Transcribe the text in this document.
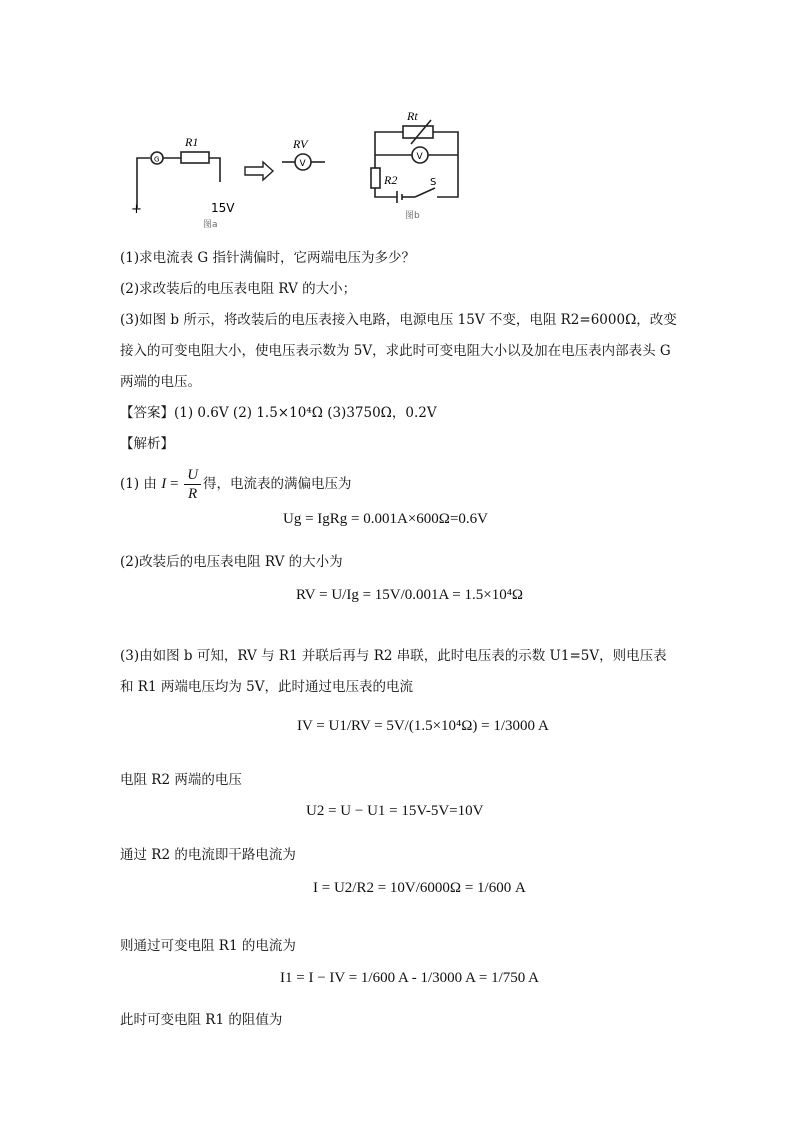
G
R1
+	15V
图a
V
RV
V
Rt
R2	S
图b
(1)求电流表 G 指针满偏时，它两端电压为多少？
(2)求改装后的电压表电阻 RV 的大小；
(3)如图 b 所示，将改装后的电压表接入电路，电源电压 15V 不变，电阻 R2=6000Ω，改变接入的可变电阻大小，使电压表示数为 5V，求此时可变电阻大小以及加在电压表内部表头 G 两端的电压。
【答案】(1) 0.6V (2) 1.5×10⁴Ω (3)3750Ω，0.2V
【解析】
(1) 由 $I = \frac{U}{R}$ 得，电流表的满偏电压为
Ug = IgRg = 0.001A×600Ω=0.6V
(2)改装后的电压表电阻 RV 的大小为
RV = U/Ig = 15V/0.001A = 1.5×10⁴Ω
(3)由如图 b 可知，RV 与 R1 并联后再与 R2 串联，此时电压表的示数 U1=5V，则电压表和 R1 两端电压均为 5V，此时通过电压表的电流
IV = U1/RV = 5V/(1.5×10⁴Ω) = 1/3000 A
电阻 R2 两端的电压
U2 = U − U1 = 15V-5V=10V
通过 R2 的电流即干路电流为
I = U2/R2 = 10V/6000Ω = 1/600 A
则通过可变电阻 R1 的电流为
I1 = I − IV = 1/600 A - 1/3000 A = 1/750 A
此时可变电阻 R1 的阻值为
